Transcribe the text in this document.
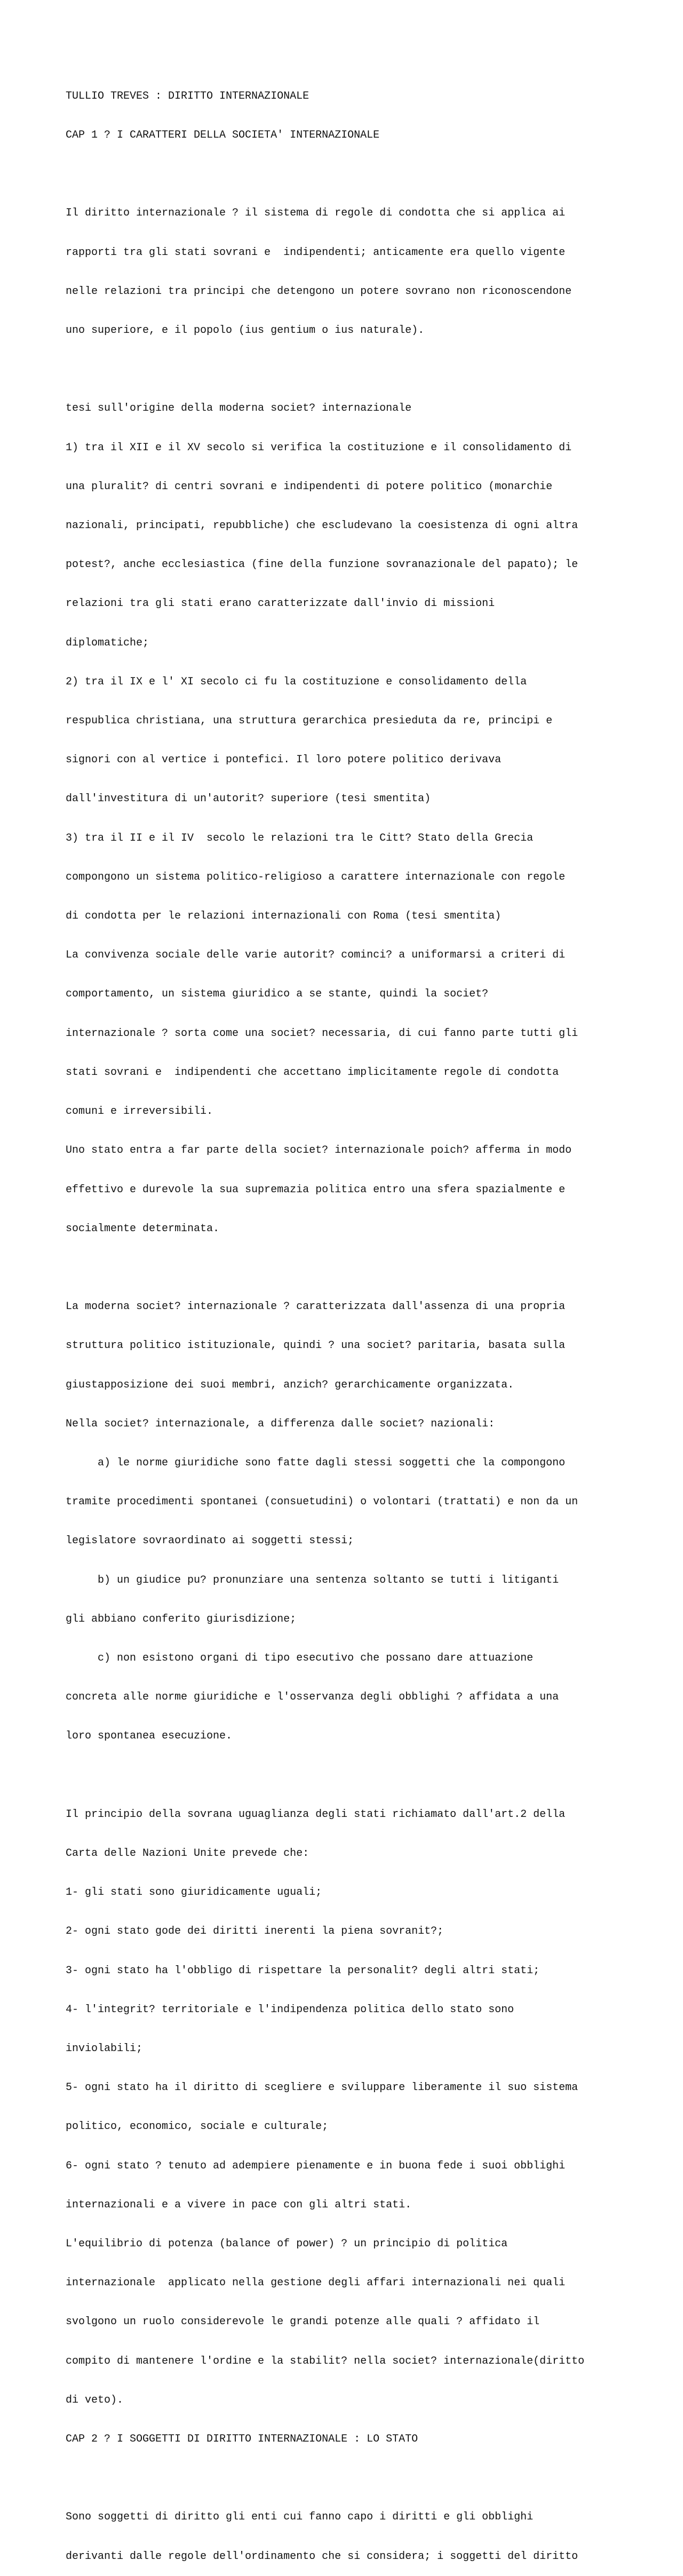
TULLIO TREVES : DIRITTO INTERNAZIONALE

CAP 1 ? I CARATTERI DELLA SOCIETA' INTERNAZIONALE

Il diritto internazionale ? il sistema di regole di condotta che si applica ai

rapporti tra gli stati sovrani e  indipendenti; anticamente era quello vigente

nelle relazioni tra principi che detengono un potere sovrano non riconoscendone

uno superiore, e il popolo (ius gentium o ius naturale).

tesi sull'origine della moderna societ? internazionale

1) tra il XII e il XV secolo si verifica la costituzione e il consolidamento di

una pluralit? di centri sovrani e indipendenti di potere politico (monarchie

nazionali, principati, repubbliche) che escludevano la coesistenza di ogni altra

potest?, anche ecclesiastica (fine della funzione sovranazionale del papato); le

relazioni tra gli stati erano caratterizzate dall'invio di missioni

diplomatiche;

2) tra il IX e l' XI secolo ci fu la costituzione e consolidamento della

respublica christiana, una struttura gerarchica presieduta da re, principi e

signori con al vertice i pontefici. Il loro potere politico derivava

dall'investitura di un'autorit? superiore (tesi smentita)

3) tra il II e il IV  secolo le relazioni tra le Citt? Stato della Grecia

compongono un sistema politico-religioso a carattere internazionale con regole

di condotta per le relazioni internazionali con Roma (tesi smentita)

La convivenza sociale delle varie autorit? cominci? a uniformarsi a criteri di

comportamento, un sistema giuridico a se stante, quindi la societ?

internazionale ? sorta come una societ? necessaria, di cui fanno parte tutti gli

stati sovrani e  indipendenti che accettano implicitamente regole di condotta

comuni e irreversibili.

Uno stato entra a far parte della societ? internazionale poich? afferma in modo

effettivo e durevole la sua supremazia politica entro una sfera spazialmente e

socialmente determinata.

La moderna societ? internazionale ? caratterizzata dall'assenza di una propria

struttura politico istituzionale, quindi ? una societ? paritaria, basata sulla

giustapposizione dei suoi membri, anzich? gerarchicamente organizzata.

Nella societ? internazionale, a differenza dalle societ? nazionali:

a) le norme giuridiche sono fatte dagli stessi soggetti che la compongono

tramite procedimenti spontanei (consuetudini) o volontari (trattati) e non da un

legislatore sovraordinato ai soggetti stessi;

b) un giudice pu? pronunziare una sentenza soltanto se tutti i litiganti

gli abbiano conferito giurisdizione;

c) non esistono organi di tipo esecutivo che possano dare attuazione

concreta alle norme giuridiche e l'osservanza degli obblighi ? affidata a una

loro spontanea esecuzione.

Il principio della sovrana uguaglianza degli stati richiamato dall'art.2 della

Carta delle Nazioni Unite prevede che:

1- gli stati sono giuridicamente uguali;

2- ogni stato gode dei diritti inerenti la piena sovranit?;

3- ogni stato ha l'obbligo di rispettare la personalit? degli altri stati;

4- l'integrit? territoriale e l'indipendenza politica dello stato sono

inviolabili;

5- ogni stato ha il diritto di scegliere e sviluppare liberamente il suo sistema

politico, economico, sociale e culturale;

6- ogni stato ? tenuto ad adempiere pienamente e in buona fede i suoi obblighi

internazionali e a vivere in pace con gli altri stati.

L'equilibrio di potenza (balance of power) ? un principio di politica

internazionale  applicato nella gestione degli affari internazionali nei quali

svolgono un ruolo considerevole le grandi potenze alle quali ? affidato il

compito di mantenere l'ordine e la stabilit? nella societ? internazionale(diritto

di veto).

CAP 2 ? I SOGGETTI DI DIRITTO INTERNAZIONALE : LO STATO

Sono soggetti di diritto gli enti cui fanno capo i diritti e gli obblighi

derivanti dalle regole dell'ordinamento che si considera; i soggetti del diritto
